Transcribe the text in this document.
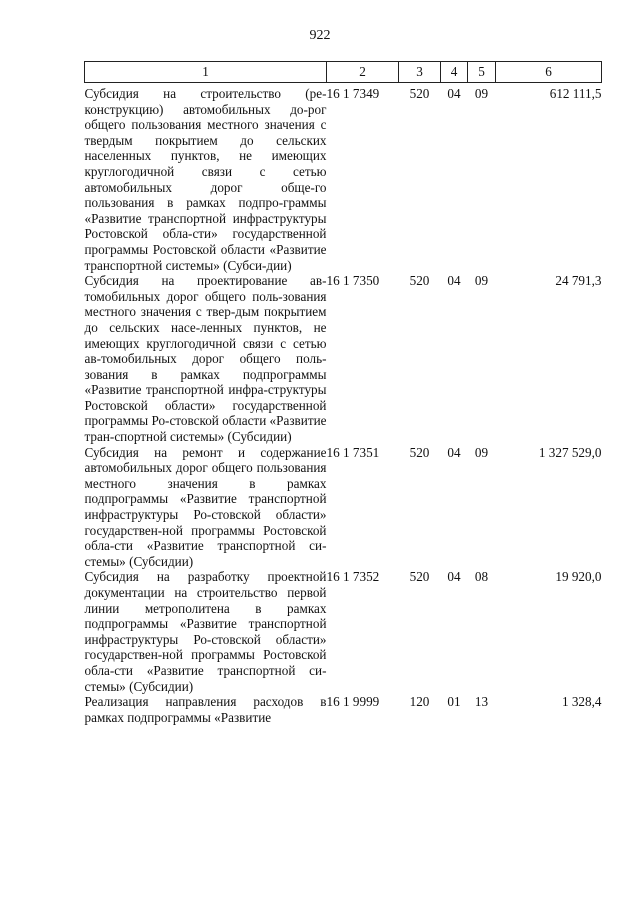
922
1	2	3	4	5	6
Субсидия на строительство (ре-конструкцию) автомобильных до-рог общего пользования местного значения с твердым покрытием до сельских населенных пунктов, не имеющих круглогодичной связи с сетью автомобильных дорог обще-го пользования в рамках подпро-граммы «Развитие транспортной инфраструктуры Ростовской обла-сти» государственной программы Ростовской области «Развитие транспортной системы» (Субси-дии)	16 1 7349	520	04	09	612 111,5
Субсидия на проектирование ав-томобильных дорог общего поль-зования местного значения с твер-дым покрытием до сельских насе-ленных пунктов, не имеющих круглогодичной связи с сетью ав-томобильных дорог общего поль-зования в рамках подпрограммы «Развитие транспортной инфра-структуры Ростовской области» государственной программы Ро-стовской области «Развитие тран-спортной системы» (Субсидии)	16 1 7350	520	04	09	24 791,3
Субсидия на ремонт и содержание автомобильных дорог общего пользования местного значения в рамках подпрограммы «Развитие транспортной инфраструктуры Ро-стовской области» государствен-ной программы Ростовской обла-сти «Развитие транспортной си-стемы» (Субсидии)	16 1 7351	520	04	09	1 327 529,0
Субсидия на разработку проектной документации на строительство первой линии метрополитена в рамках подпрограммы «Развитие транспортной инфраструктуры Ро-стовской области» государствен-ной программы Ростовской обла-сти «Развитие транспортной си-стемы» (Субсидии)	16 1 7352	520	04	08	19 920,0
Реализация направления расходов в рамках подпрограммы «Развитие	16 1 9999	120	01	13	1 328,4
